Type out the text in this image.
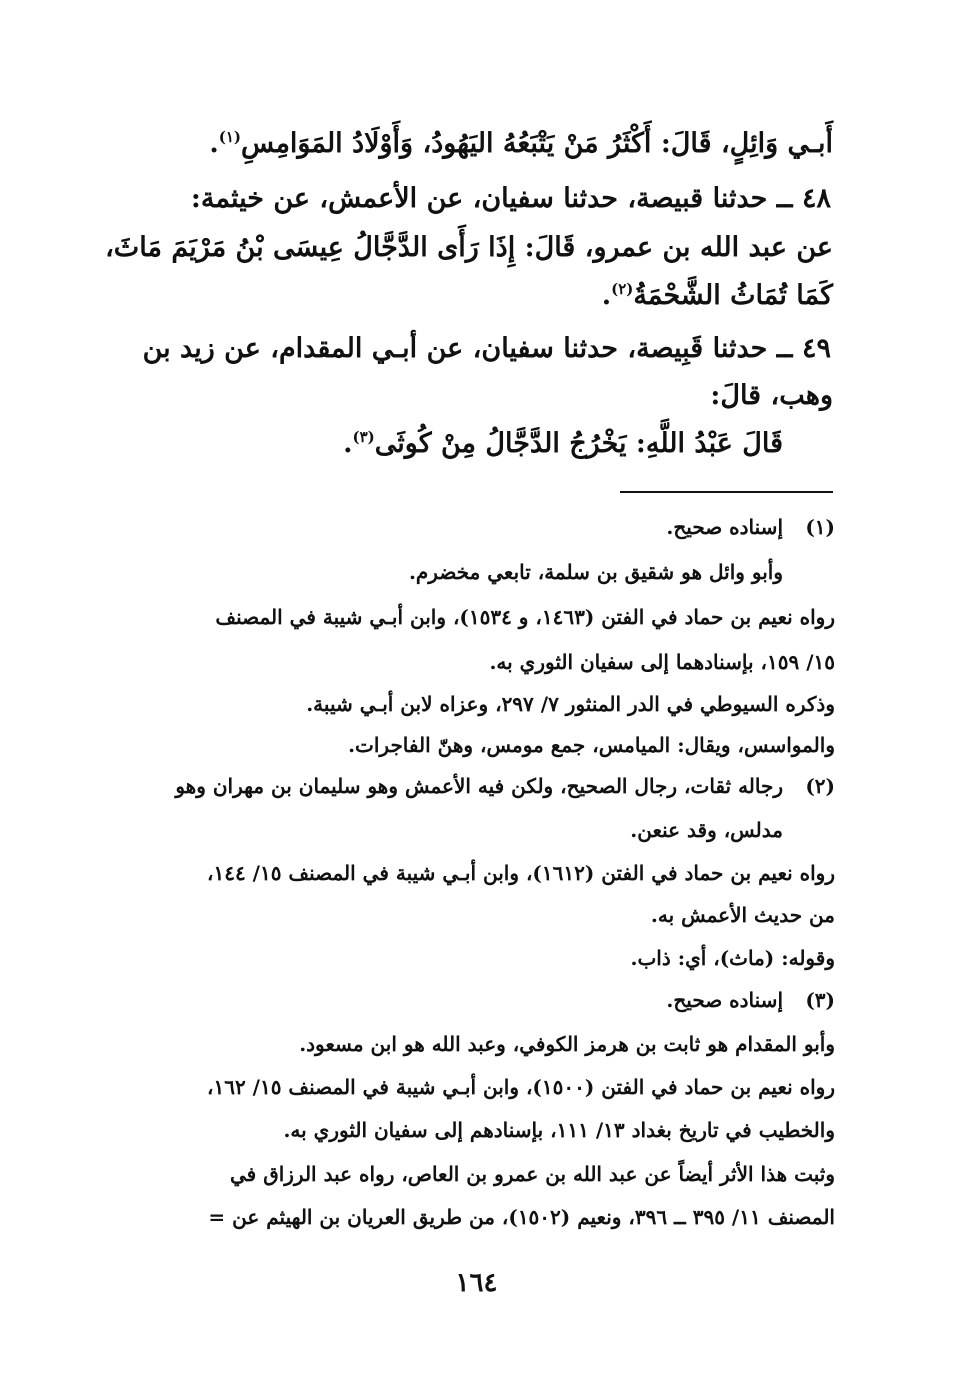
أَبـي وَائِلٍ، قَالَ: أَكْثَرُ مَنْ يَتْبَعُهُ اليَهُودُ، وَأَوْلَادُ المَوَامِسِ$^{(١)}$.
٤٨ ــ حدثنا قبيصة، حدثنا سفيان، عن الأعمش، عن خيثمة:
عن عبد الله بن عمرو، قَالَ: إِذَا رَأَى الدَّجَّالُ عِيسَى بْنُ مَرْيَمَ مَاثَ،
كَمَا تُمَاثُ الشَّحْمَةُ$^{(٢)}$.
٤٩ ــ حدثنا قَبِيصة، حدثنا سفيان، عن أبـي المقدام، عن زيد بن
وهب، قالَ:
قَالَ عَبْدُ اللَّهِ: يَخْرُجُ الدَّجَّالُ مِنْ كُوثَى$^{(٣)}$.
(١)
إسناده صحيح.
وأبو وائل هو شقيق بن سلمة، تابعي مخضرم.
رواه نعيم بن حماد في الفتن (١٤٦٣، و ١٥٣٤)، وابن أبـي شيبة في المصنف
١٥/ ١٥٩، بإسنادهما إلى سفيان الثوري به.
وذكره السيوطي في الدر المنثور ٧/ ٢٩٧، وعزاه لابن أبـي شيبة.
والمواسس، ويقال: الميامس، جمع مومس، وهنّ الفاجرات.
(٢)
رجاله ثقات، رجال الصحيح، ولكن فيه الأعمش وهو سليمان بن مهران وهو
مدلس، وقد عنعن.
رواه نعيم بن حماد في الفتن (١٦١٢)، وابن أبـي شيبة في المصنف ١٥/ ١٤٤،
من حديث الأعمش به.
وقوله: (ماث)، أي: ذاب.
(٣)
إسناده صحيح.
وأبو المقدام هو ثابت بن هرمز الكوفي، وعبد الله هو ابن مسعود.
رواه نعيم بن حماد في الفتن (١٥٠٠)، وابن أبـي شيبة في المصنف ١٥/ ١٦٢،
والخطيب في تاريخ بغداد ١٣/ ١١١، بإسنادهم إلى سفيان الثوري به.
وثبت هذا الأثر أيضاً عن عبد الله بن عمرو بن العاص، رواه عبد الرزاق في
المصنف ١١/ ٣٩٥ ــ ٣٩٦، ونعيم (١٥٠٢)، من طريق العريان بن الهيثم عن =
١٦٤
